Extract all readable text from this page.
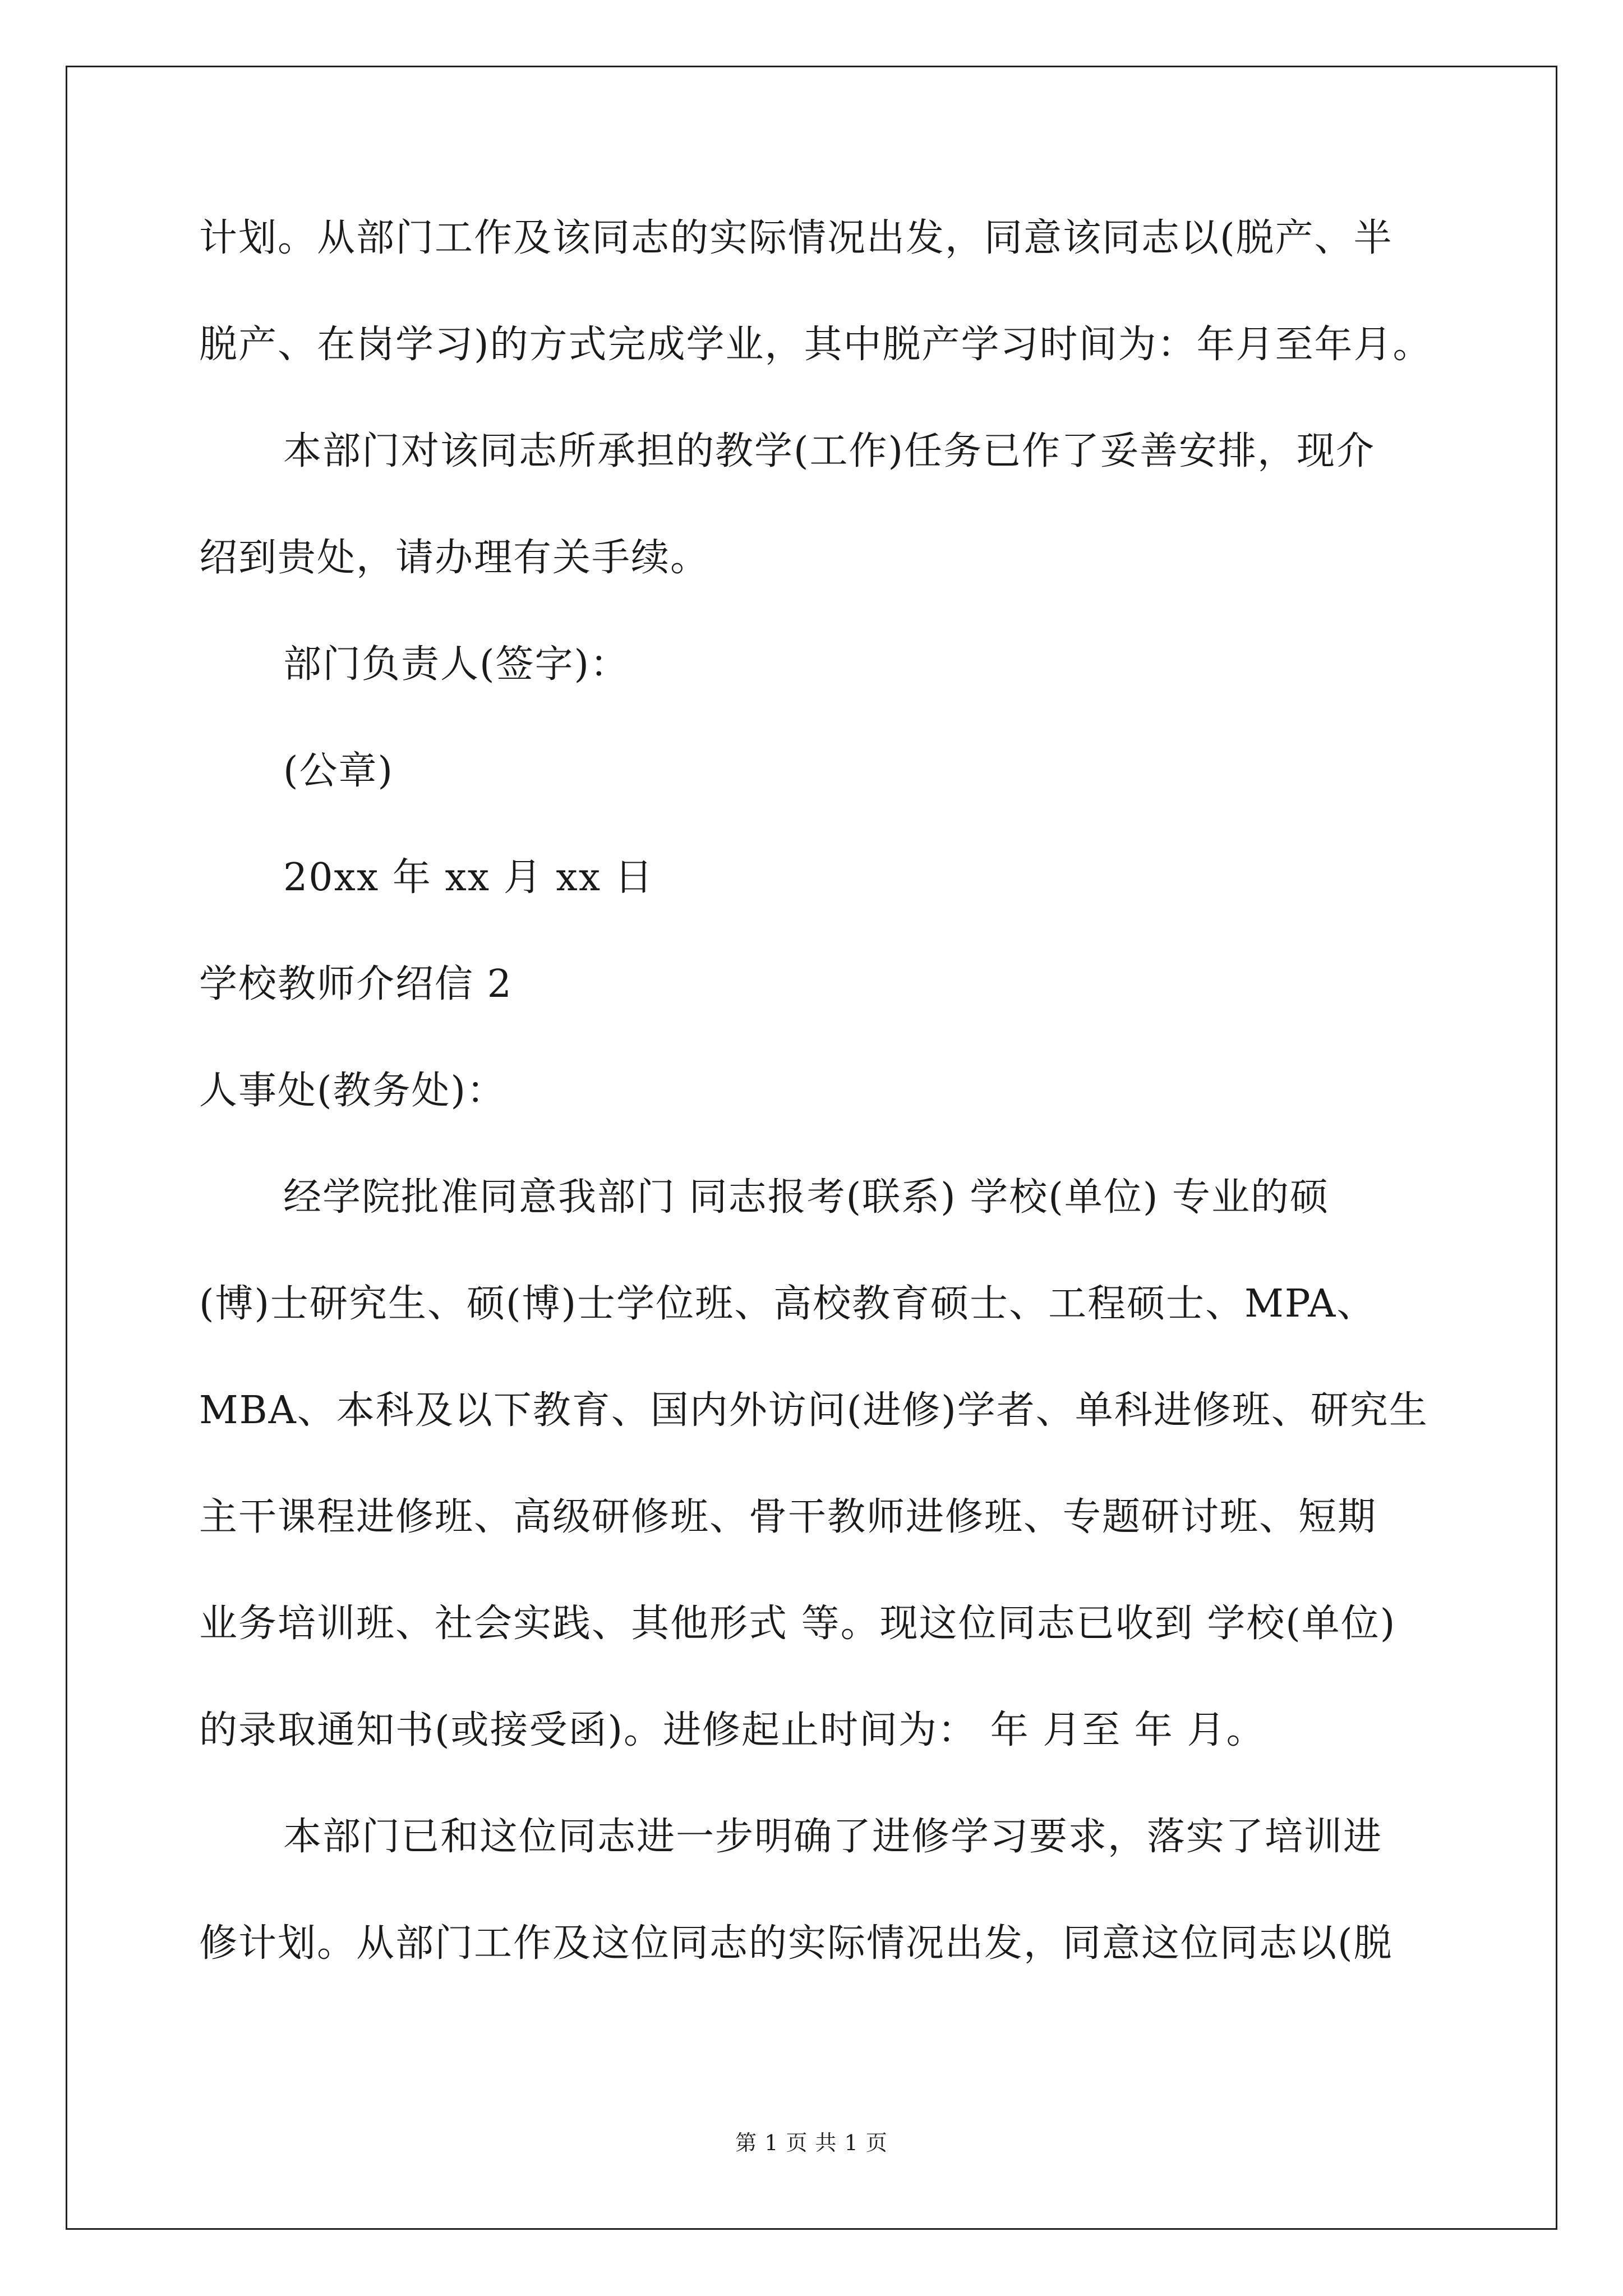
计划。从部门工作及该同志的实际情况出发，同意该同志以(脱产、半
脱产、在岗学习)的方式完成学业，其中脱产学习时间为：年月至年月。
本部门对该同志所承担的教学(工作)任务已作了妥善安排，现介
绍到贵处，请办理有关手续。
部门负责人(签字)：
(公章)
20xx 年 xx 月 xx 日
学校教师介绍信 2
人事处(教务处)：
经学院批准同意我部门 同志报考(联系) 学校(单位) 专业的硕
(博)士研究生、硕(博)士学位班、高校教育硕士、工程硕士、MPA、
MBA、本科及以下教育、国内外访问(进修)学者、单科进修班、研究生
主干课程进修班、高级研修班、骨干教师进修班、专题研讨班、短期
业务培训班、社会实践、其他形式 等。现这位同志已收到 学校(单位)
的录取通知书(或接受函)。进修起止时间为： 年 月至 年 月。
本部门已和这位同志进一步明确了进修学习要求，落实了培训进
修计划。从部门工作及这位同志的实际情况出发，同意这位同志以(脱
第 1 页 共 1 页
